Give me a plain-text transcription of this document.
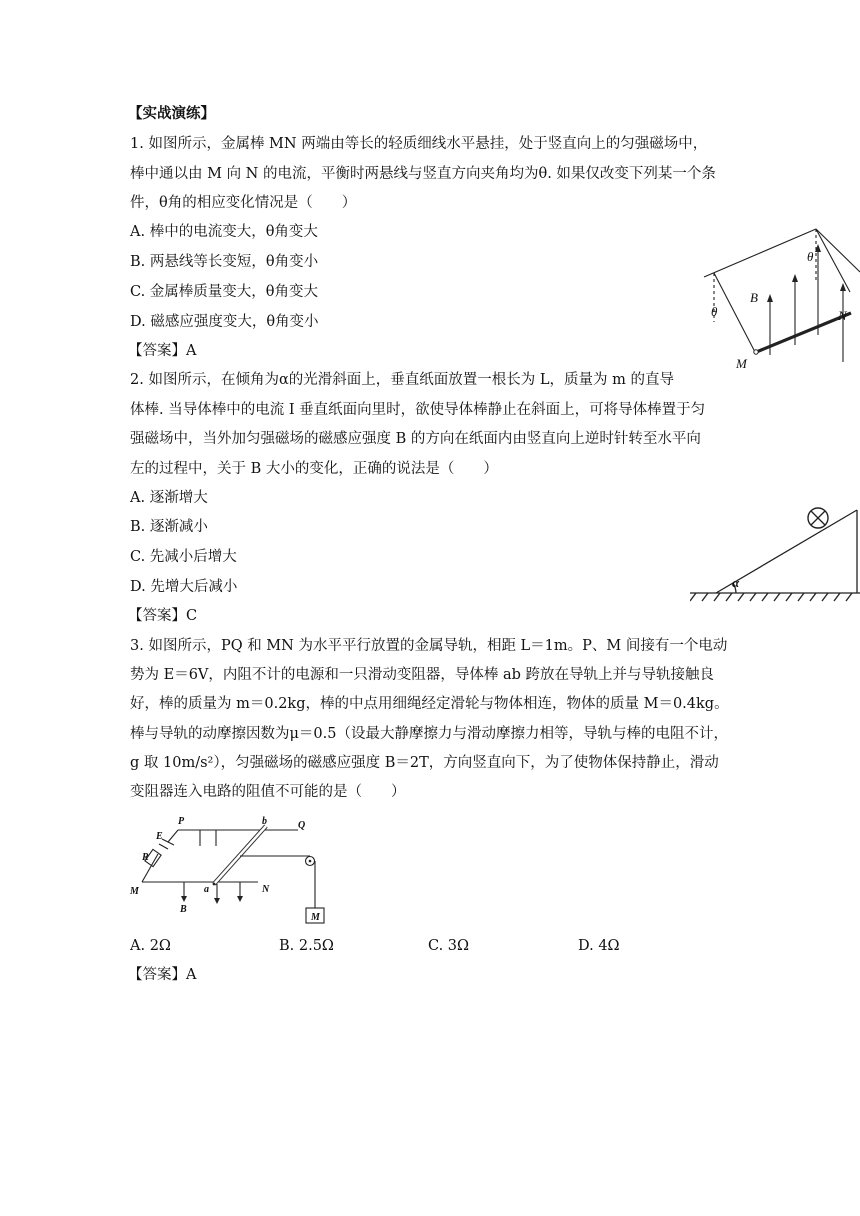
【实战演练】
1. 如图所示，金属棒 MN 两端由等长的轻质细线水平悬挂，处于竖直向上的匀强磁场中，
棒中通以由 M 向 N 的电流，平衡时两悬线与竖直方向夹角均为θ. 如果仅改变下列某一个条
件，θ角的相应变化情况是（　　）
A. 棒中的电流变大，θ角变大
B. 两悬线等长变短，θ角变小
C. 金属棒质量变大，θ角变大
D. 磁感应强度变大，θ角变小
【答案】A
θ
θ
B
N
M
2. 如图所示，在倾角为α的光滑斜面上，垂直纸面放置一根长为 L，质量为 m 的直导
体棒. 当导体棒中的电流 I 垂直纸面向里时，欲使导体棒静止在斜面上，可将导体棒置于匀
强磁场中，当外加匀强磁场的磁感应强度 B 的方向在纸面内由竖直向上逆时针转至水平向
左的过程中，关于 B 大小的变化，正确的说法是（　　）
A. 逐渐增大
B. 逐渐减小
C. 先减小后增大
D. 先增大后减小
【答案】C
α
3. 如图所示，PQ 和 MN 为水平平行放置的金属导轨，相距 L＝1m。P、M 间接有一个电动
势为 E＝6V，内阻不计的电源和一只滑动变阻器，导体棒 ab 跨放在导轨上并与导轨接触良
好，棒的质量为 m＝0.2kg，棒的中点用细绳经定滑轮与物体相连，物体的质量 M＝0.4kg。
棒与导轨的动摩擦因数为μ＝0.5（设最大静摩擦力与滑动摩擦力相等，导轨与棒的电阻不计，
g 取 10m/s²），匀强磁场的磁感应强度 B＝2T，方向竖直向下，为了使物体保持静止，滑动
变阻器连入电路的阻值不可能的是（　　）
P	Q
E
R
M	N
a
b
B
M
A. 2Ω	B. 2.5Ω	C. 3Ω	D. 4Ω
【答案】A
